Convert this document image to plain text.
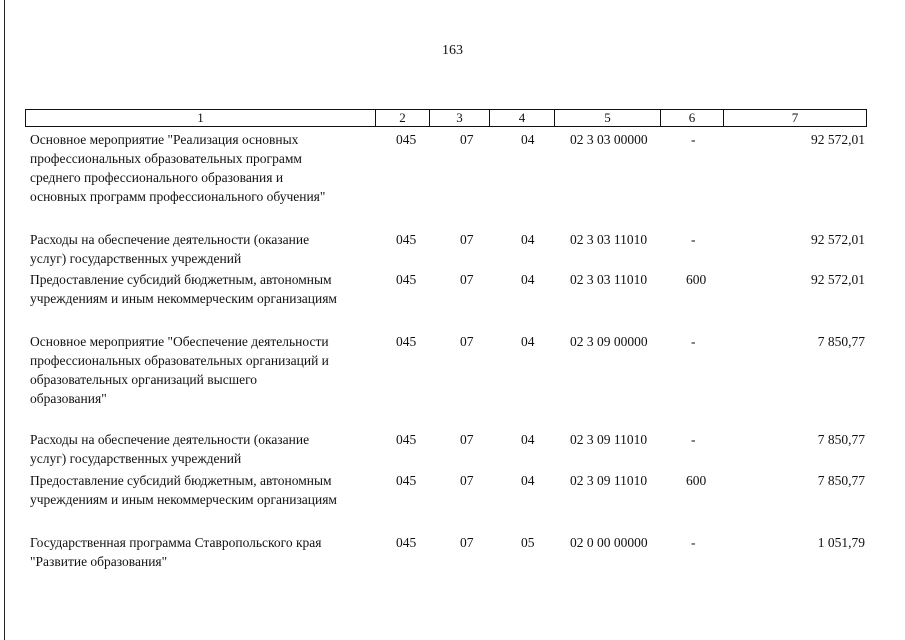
163
1	2	3	4	5	6	7
Основное мероприятие "Реализация основных
профессиональных образовательных программ
среднего профессионального образования и
основных программ профессионального обучения"
045	07	04	02 3 03 00000	-	92 572,01
Расходы на обеспечение деятельности (оказание
услуг) государственных учреждений
045	07	04	02 3 03 11010	-	92 572,01
Предоставление субсидий бюджетным, автономным
учреждениям и иным некоммерческим организациям
045	07	04	02 3 03 11010	600	92 572,01
Основное мероприятие "Обеспечение деятельности
профессиональных образовательных организаций и
образовательных организаций высшего
образования"
045	07	04	02 3 09 00000	-	7 850,77
Расходы на обеспечение деятельности (оказание
услуг) государственных учреждений
045	07	04	02 3 09 11010	-	7 850,77
Предоставление субсидий бюджетным, автономным
учреждениям и иным некоммерческим организациям
045	07	04	02 3 09 11010	600	7 850,77
Государственная программа Ставропольского края
"Развитие образования"
045	07	05	02 0 00 00000	-	1 051,79
